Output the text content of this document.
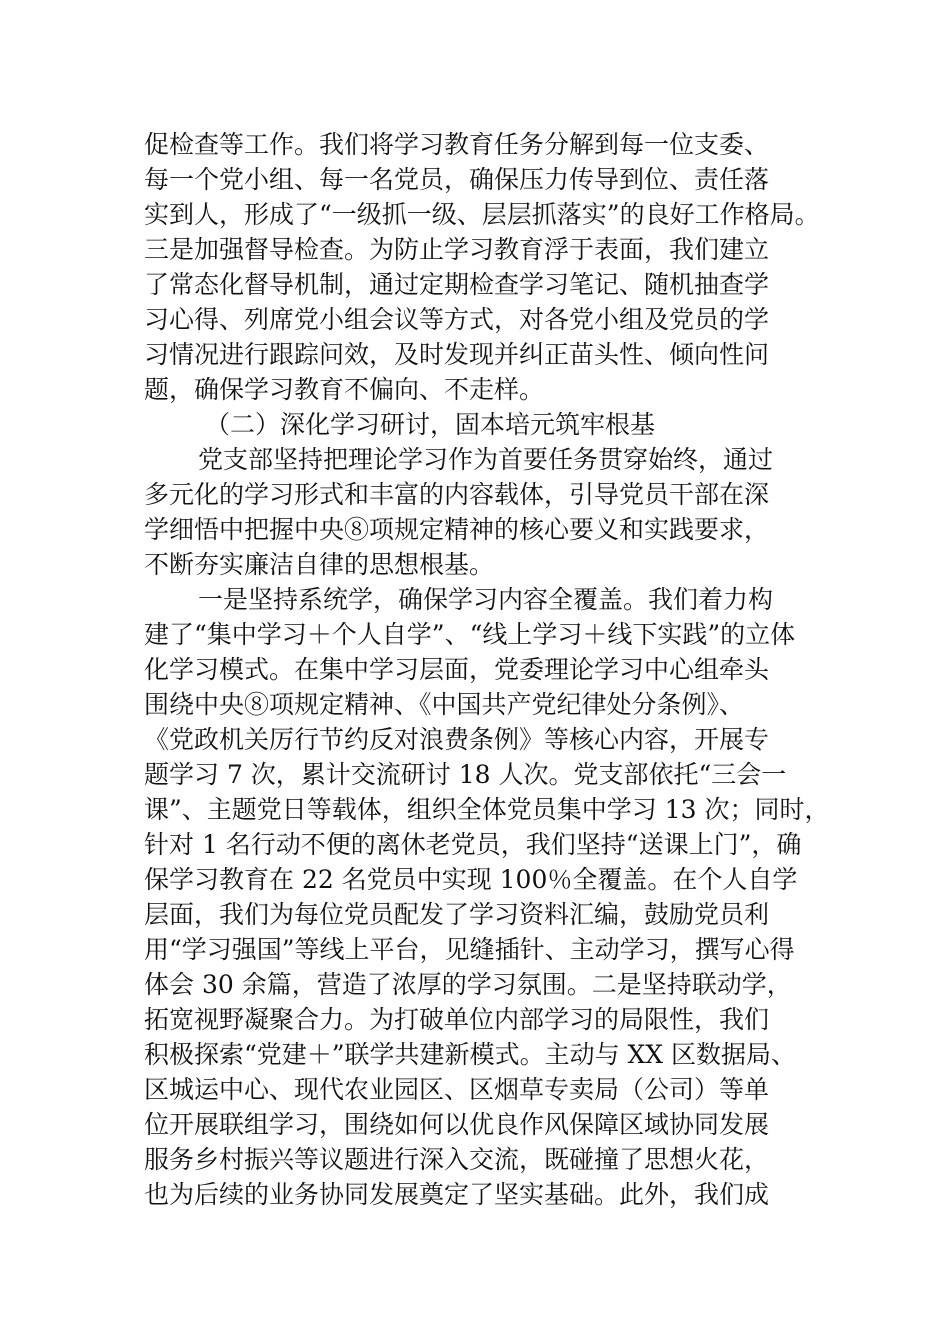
促检查等工作。我们将学习教育任务分解到每一位支委、
每一个党小组、每一名党员，确保压力传导到位、责任落
实到人，形成了“一级抓一级、层层抓落实”的良好工作格局。
三是加强督导检查。为防止学习教育浮于表面，我们建立
了常态化督导机制，通过定期检查学习笔记、随机抽查学
习心得、列席党小组会议等方式，对各党小组及党员的学
习情况进行跟踪问效，及时发现并纠正苗头性、倾向性问
题，确保学习教育不偏向、不走样。
（二）深化学习研讨，固本培元筑牢根基
党支部坚持把理论学习作为首要任务贯穿始终，通过
多元化的学习形式和丰富的内容载体，引导党员干部在深
学细悟中把握中央⑧项规定精神的核心要义和实践要求，
不断夯实廉洁自律的思想根基。
一是坚持系统学，确保学习内容全覆盖。我们着力构
建了“集中学习＋个人自学”、“线上学习＋线下实践”的立体
化学习模式。在集中学习层面，党委理论学习中心组牵头
围绕中央⑧项规定精神、《中国共产党纪律处分条例》、
《党政机关厉行节约反对浪费条例》等核心内容，开展专
题学习 7 次，累计交流研讨 18 人次。党支部依托“三会一
课”、主题党日等载体，组织全体党员集中学习 13 次；同时，
针对 1 名行动不便的离休老党员，我们坚持“送课上门”，确
保学习教育在 22 名党员中实现 100％全覆盖。在个人自学
层面，我们为每位党员配发了学习资料汇编，鼓励党员利
用“学习强国”等线上平台，见缝插针、主动学习，撰写心得
体会 30 余篇，营造了浓厚的学习氛围。二是坚持联动学，
拓宽视野凝聚合力。为打破单位内部学习的局限性，我们
积极探索“党建＋”联学共建新模式。主动与 XX 区数据局、
区城运中心、现代农业园区、区烟草专卖局（公司）等单
位开展联组学习，围绕如何以优良作风保障区域协同发展
服务乡村振兴等议题进行深入交流，既碰撞了思想火花，
也为后续的业务协同发展奠定了坚实基础。此外，我们成
